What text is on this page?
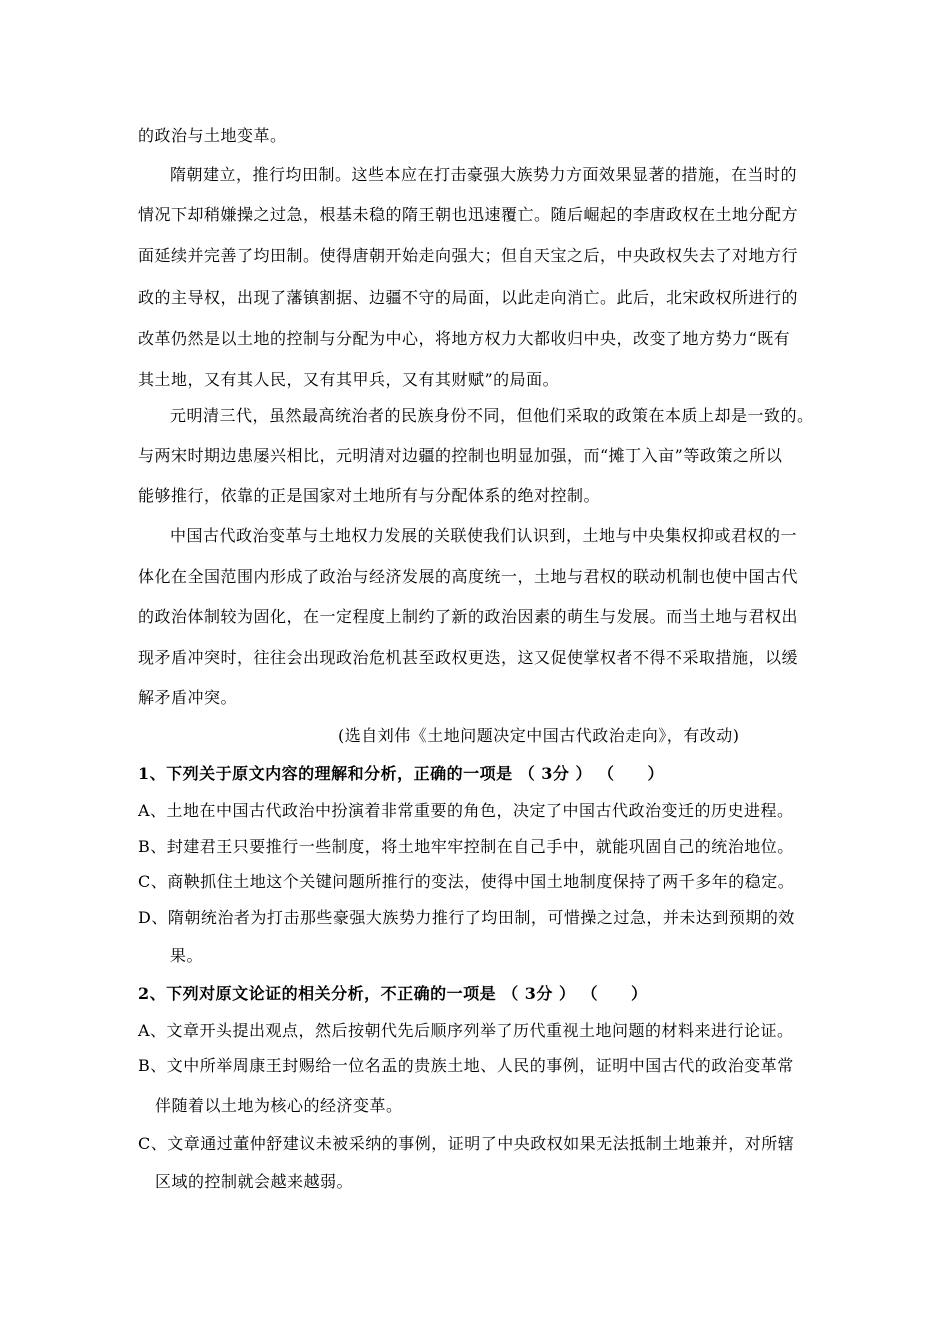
的政治与土地变革。
隋朝建立，推行均田制。这些本应在打击豪强大族势力方面效果显著的措施，在当时的
情况下却稍嫌操之过急，根基未稳的隋王朝也迅速覆亡。随后崛起的李唐政权在土地分配方
面延续并完善了均田制。使得唐朝开始走向强大；但自天宝之后，中央政权失去了对地方行
政的主导权，出现了藩镇割据、边疆不守的局面，以此走向消亡。此后，北宋政权所进行的
改革仍然是以土地的控制与分配为中心，将地方权力大都收归中央，改变了地方势力“既有
其土地，又有其人民，又有其甲兵，又有其财赋”的局面。
元明清三代，虽然最高统治者的民族身份不同，但他们采取的政策在本质上却是一致的。
与两宋时期边患屡兴相比，元明清对边疆的控制也明显加强，而“摊丁入亩”等政策之所以
能够推行，依靠的正是国家对土地所有与分配体系的绝对控制。
中国古代政治变革与土地权力发展的关联使我们认识到，土地与中央集权抑或君权的一
体化在全国范围内形成了政治与经济发展的高度统一，土地与君权的联动机制也使中国古代
的政治体制较为固化，在一定程度上制约了新的政治因素的萌生与发展。而当土地与君权出
现矛盾冲突时，往往会出现政治危机甚至政权更迭，这又促使掌权者不得不采取措施，以缓
解矛盾冲突。
(选自刘伟《土地问题决定中国古代政治走向》，有改动)
1、下列关于原文内容的理解和分析，正确的一项是 （ 3分 ） （　　）
A、土地在中国古代政治中扮演着非常重要的角色，决定了中国古代政治变迁的历史进程。
B、封建君王只要推行一些制度，将土地牢牢控制在自己手中，就能巩固自己的统治地位。
C、商鞅抓住土地这个关键问题所推行的变法，使得中国土地制度保持了两千多年的稳定。
D、隋朝统治者为打击那些豪强大族势力推行了均田制，可惜操之过急，并未达到预期的效
果。
2、下列对原文论证的相关分析，不正确的一项是 （ 3分 ） （　　）
A、文章开头提出观点，然后按朝代先后顺序列举了历代重视土地问题的材料来进行论证。
B、文中所举周康王封赐给一位名盂的贵族土地、人民的事例，证明中国古代的政治变革常
伴随着以土地为核心的经济变革。
C、文章通过董仲舒建议未被采纳的事例，证明了中央政权如果无法抵制土地兼并，对所辖
区域的控制就会越来越弱。
